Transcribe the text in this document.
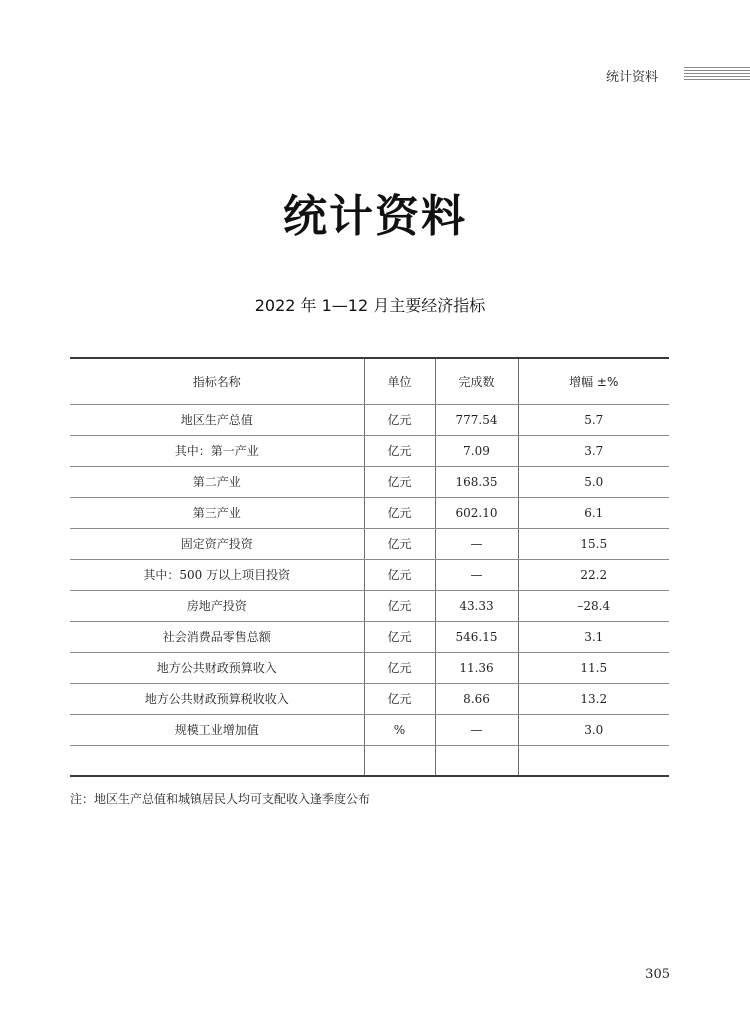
统计资料
统计资料
2022 年 1—12 月主要经济指标
指标名称	单位	完成数	增幅 ±%
地区生产总值	亿元	777.54	5.7
其中：第一产业	亿元	7.09	3.7
第二产业	亿元	168.35	5.0
第三产业	亿元	602.10	6.1
固定资产投资	亿元	—	15.5
其中：500 万以上项目投资	亿元	—	22.2
房地产投资	亿元	43.33	–28.4
社会消费品零售总额	亿元	546.15	3.1
地方公共财政预算收入	亿元	11.36	11.5
地方公共财政预算税收收入	亿元	8.66	13.2
规模工业增加值	%	—	3.0

注：地区生产总值和城镇居民人均可支配收入逢季度公布
305
